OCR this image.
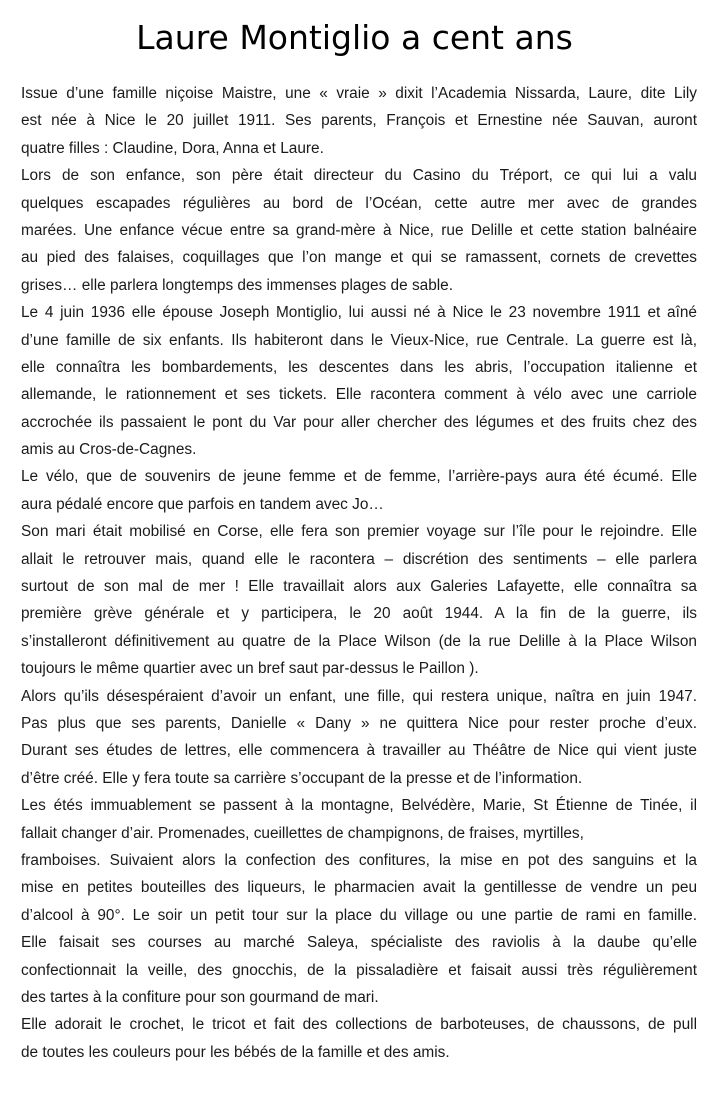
Laure Montiglio a cent ans
Issue d’une famille niçoise Maistre, une « vraie » dixit l’Academia Nissarda, Laure, dite Lily
est née à Nice le 20 juillet 1911. Ses parents, François et Ernestine née Sauvan, auront
quatre filles : Claudine, Dora, Anna et Laure.
Lors de son enfance, son père était directeur du Casino du Tréport, ce qui lui a valu
quelques escapades régulières au bord de l’Océan, cette autre mer avec de grandes
marées. Une enfance vécue entre sa grand-mère à Nice, rue Delille et cette station balnéaire
au pied des falaises, coquillages que l’on mange et qui se ramassent, cornets de crevettes
grises… elle parlera longtemps des immenses plages de sable.
Le 4 juin 1936 elle épouse Joseph Montiglio, lui aussi né à Nice le 23 novembre 1911 et aîné
d’une famille de six enfants. Ils habiteront dans le Vieux-Nice, rue Centrale. La guerre est là,
elle connaîtra les bombardements, les descentes dans les abris, l’occupation italienne et
allemande, le rationnement et ses tickets. Elle racontera comment à vélo avec une carriole
accrochée ils passaient le pont du Var pour aller chercher des légumes et des fruits chez des
amis au Cros-de-Cagnes.
Le vélo, que de souvenirs de jeune femme et de femme, l’arrière-pays aura été écumé. Elle
aura pédalé encore que parfois en tandem avec Jo…
Son mari était mobilisé en Corse, elle fera son premier voyage sur l’île pour le rejoindre. Elle
allait le retrouver mais, quand elle le racontera – discrétion des sentiments – elle parlera
surtout de son mal de mer ! Elle travaillait alors aux Galeries Lafayette, elle connaîtra sa
première grève générale et y participera, le 20 août 1944. A la fin de la guerre, ils
s’installeront définitivement au quatre de la Place Wilson (de la rue Delille à la Place Wilson
toujours le même quartier avec un bref saut par-dessus le Paillon ).
Alors qu’ils désespéraient d’avoir un enfant, une fille, qui restera unique, naîtra en juin 1947.
Pas plus que ses parents, Danielle « Dany » ne quittera Nice pour rester proche d’eux.
Durant ses études de lettres, elle commencera à travailler au Théâtre de Nice qui vient juste
d’être créé. Elle y fera toute sa carrière s’occupant de la presse et de l’information.
Les étés immuablement se passent à la montagne, Belvédère, Marie, St Étienne de Tinée, il
fallait changer d’air. Promenades, cueillettes de champignons, de fraises, myrtilles,
framboises. Suivaient alors la confection des confitures, la mise en pot des sanguins et la
mise en petites bouteilles des liqueurs, le pharmacien avait la gentillesse de vendre un peu
d’alcool à 90°. Le soir un petit tour sur la place du village ou une partie de rami en famille.
Elle faisait ses courses au marché Saleya, spécialiste des raviolis à la daube qu’elle
confectionnait la veille, des gnocchis, de la pissaladière et faisait aussi très régulièrement
des tartes à la confiture pour son gourmand de mari.
Elle adorait le crochet, le tricot et fait des collections de barboteuses, de chaussons, de pull
de toutes les couleurs pour les bébés de la famille et des amis.
